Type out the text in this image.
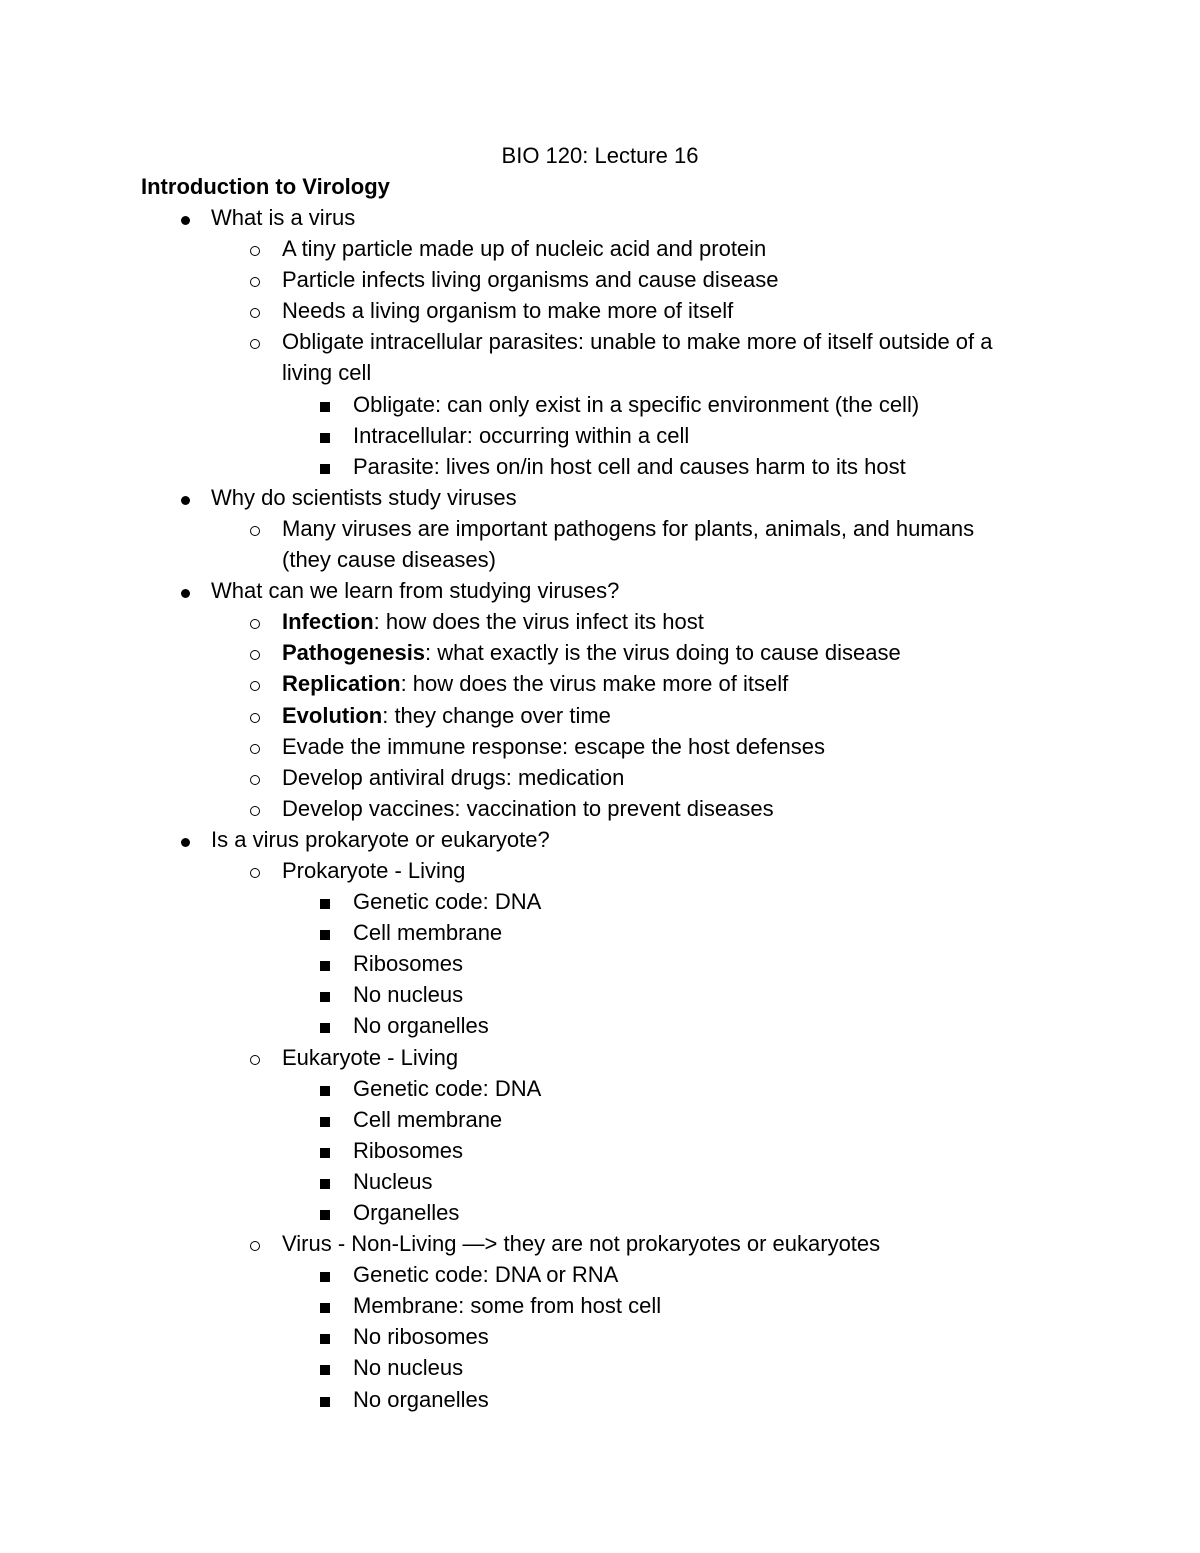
BIO 120: Lecture 16
Introduction to Virology
What is a virus
A tiny particle made up of nucleic acid and protein
Particle infects living organisms and cause disease
Needs a living organism to make more of itself
Obligate intracellular parasites: unable to make more of itself outside of a
living cell
Obligate: can only exist in a specific environment (the cell)
Intracellular: occurring within a cell
Parasite: lives on/in host cell and causes harm to its host
Why do scientists study viruses
Many viruses are important pathogens for plants, animals, and humans
(they cause diseases)
What can we learn from studying viruses?
Infection: how does the virus infect its host
Pathogenesis: what exactly is the virus doing to cause disease
Replication: how does the virus make more of itself
Evolution: they change over time
Evade the immune response: escape the host defenses
Develop antiviral drugs: medication
Develop vaccines: vaccination to prevent diseases
Is a virus prokaryote or eukaryote?
Prokaryote - Living
Genetic code: DNA
Cell membrane
Ribosomes
No nucleus
No organelles
Eukaryote - Living
Genetic code: DNA
Cell membrane
Ribosomes
Nucleus
Organelles
Virus - Non-Living —> they are not prokaryotes or eukaryotes
Genetic code: DNA or RNA
Membrane: some from host cell
No ribosomes
No nucleus
No organelles
